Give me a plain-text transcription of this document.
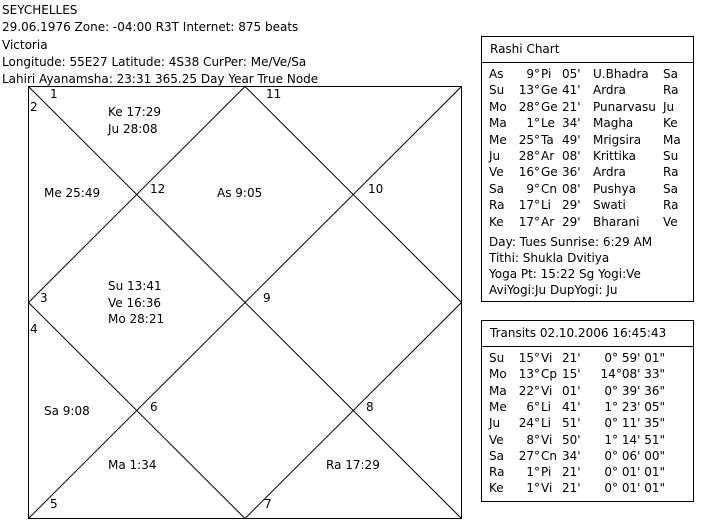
SEYCHELLES
29.06.1976 Zone: -04:00 R3T Internet: 875 beats
Victoria
Longitude: 55E27 Latitude: 4S38 CurPer: Me/Ve/Sa
Lahiri Ayanamsha: 23:31 365.25 Day Year True Node
1
2
3
4
5
6
7
8
9
10
11
12
Ke 17:29
Ju 28:08
Me 25:49	As 9:05
Su 13:41
Ve 16:36
Mo 28:21
Sa 9:08
Ma 1:34	Ra 17:29
Rashi Chart
As	9° Pi 05' U.Bhadra Sa
Su	13° Ge 41' Ardra	Ra
Mo	28° Ge 21' Punarvasu Ju
Ma	1° Le 34' Magha Ke
Me 25° Ta 49' Mrigsira Ma
Ju	28° Ar 08' Krittika Su
Ve	16° Ge 36' Ardra	Ra
Sa	9° Cn 08' Pushya Sa
Ra	17° Li 29' Swati	Ra
Ke	17° Ar 29' Bharani Ve
Day: Tues Sunrise: 6:29 AM
Tithi: Shukla Dvitiya
Yoga Pt: 15:22 Sg Yogi:Ve
AviYogi:Ju DupYogi: Ju
Transits 02.10.2006 16:45:43
Su	15° Vi 21'	0° 59' 01"
Mo	13° Cp 15'	14°08' 33"
Ma	22° Vi 01'	0° 39' 36"
Me	6° Li 41'	1° 23' 05"
Ju	24° Li 51'	0° 11' 35"
Ve	8° Vi 50'	1° 14' 51"
Sa	27° Cn 34'	0° 06' 00"
Ra	1° Pi 21'	0° 01' 01"
Ke	1° Vi 21'	0° 01' 01"
